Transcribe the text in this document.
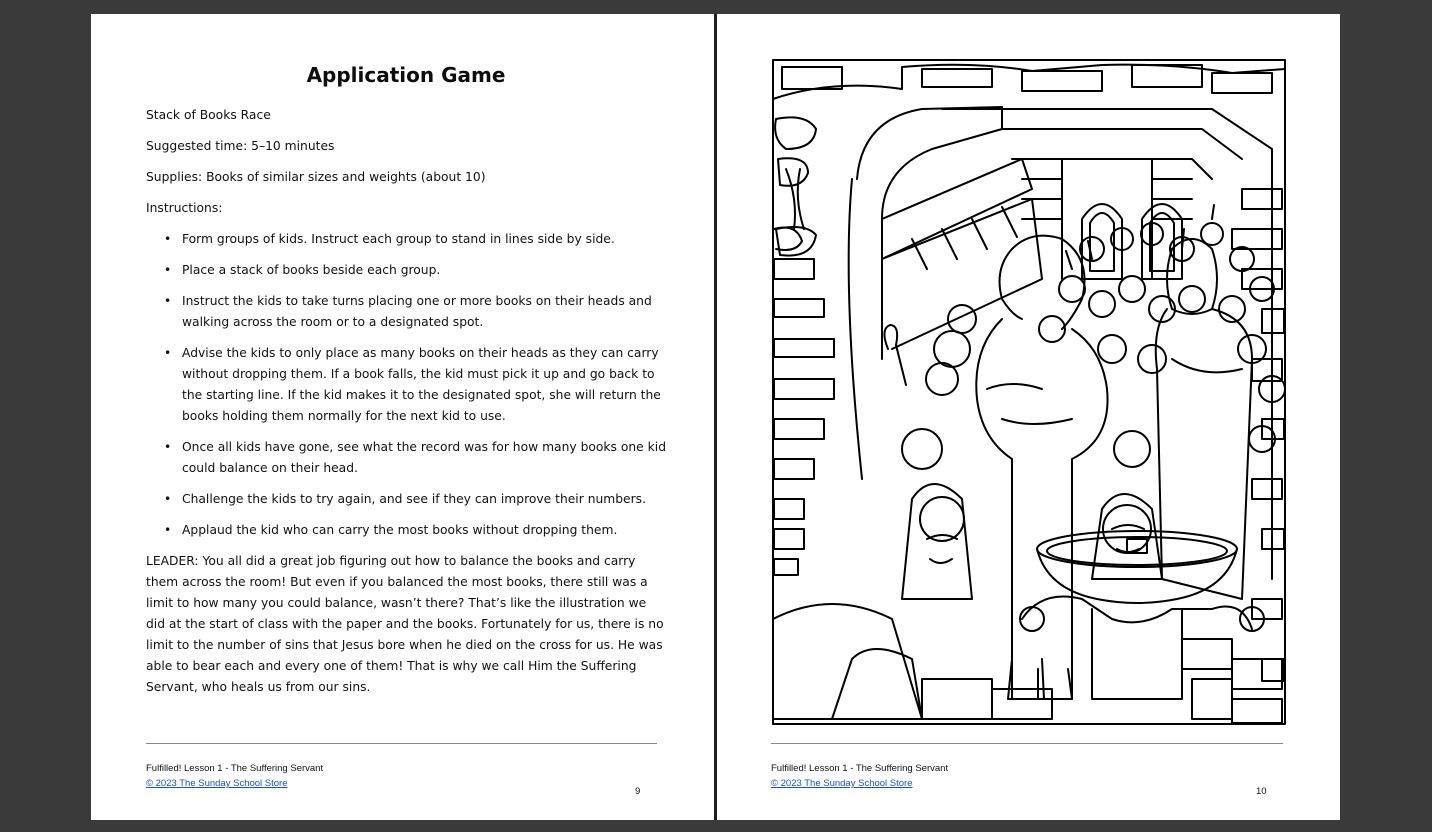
Application Game

Stack of Books Race

Suggested time: 5–10 minutes

Supplies: Books of similar sizes and weights (about 10)

Instructions:

• Form groups of kids. Instruct each group to stand in lines side by side.
• Place a stack of books beside each group.
• Instruct the kids to take turns placing one or more books on their heads and walking across the room or to a designated spot.
• Advise the kids to only place as many books on their heads as they can carry without dropping them. If a book falls, the kid must pick it up and go back to the starting line. If the kid makes it to the designated spot, she will return the books holding them normally for the next kid to use.
• Once all kids have gone, see what the record was for how many books one kid could balance on their head.
• Challenge the kids to try again, and see if they can improve their numbers.
• Applaud the kid who can carry the most books without dropping them.

LEADER: You all did a great job figuring out how to balance the books and carry them across the room! But even if you balanced the most books, there still was a limit to how many you could balance, wasn’t there? That’s like the illustration we did at the start of class with the paper and the books. Fortunately for us, there is no limit to the number of sins that Jesus bore when he died on the cross for us. He was able to bear each and every one of them! That is why we call Him the Suffering Servant, who heals us from our sins.

Fulfilled! Lesson 1 - The Suffering Servant
© 2023 The Sunday School Store
9
Fulfilled! Lesson 1 - The Suffering Servant
© 2023 The Sunday School Store
10
